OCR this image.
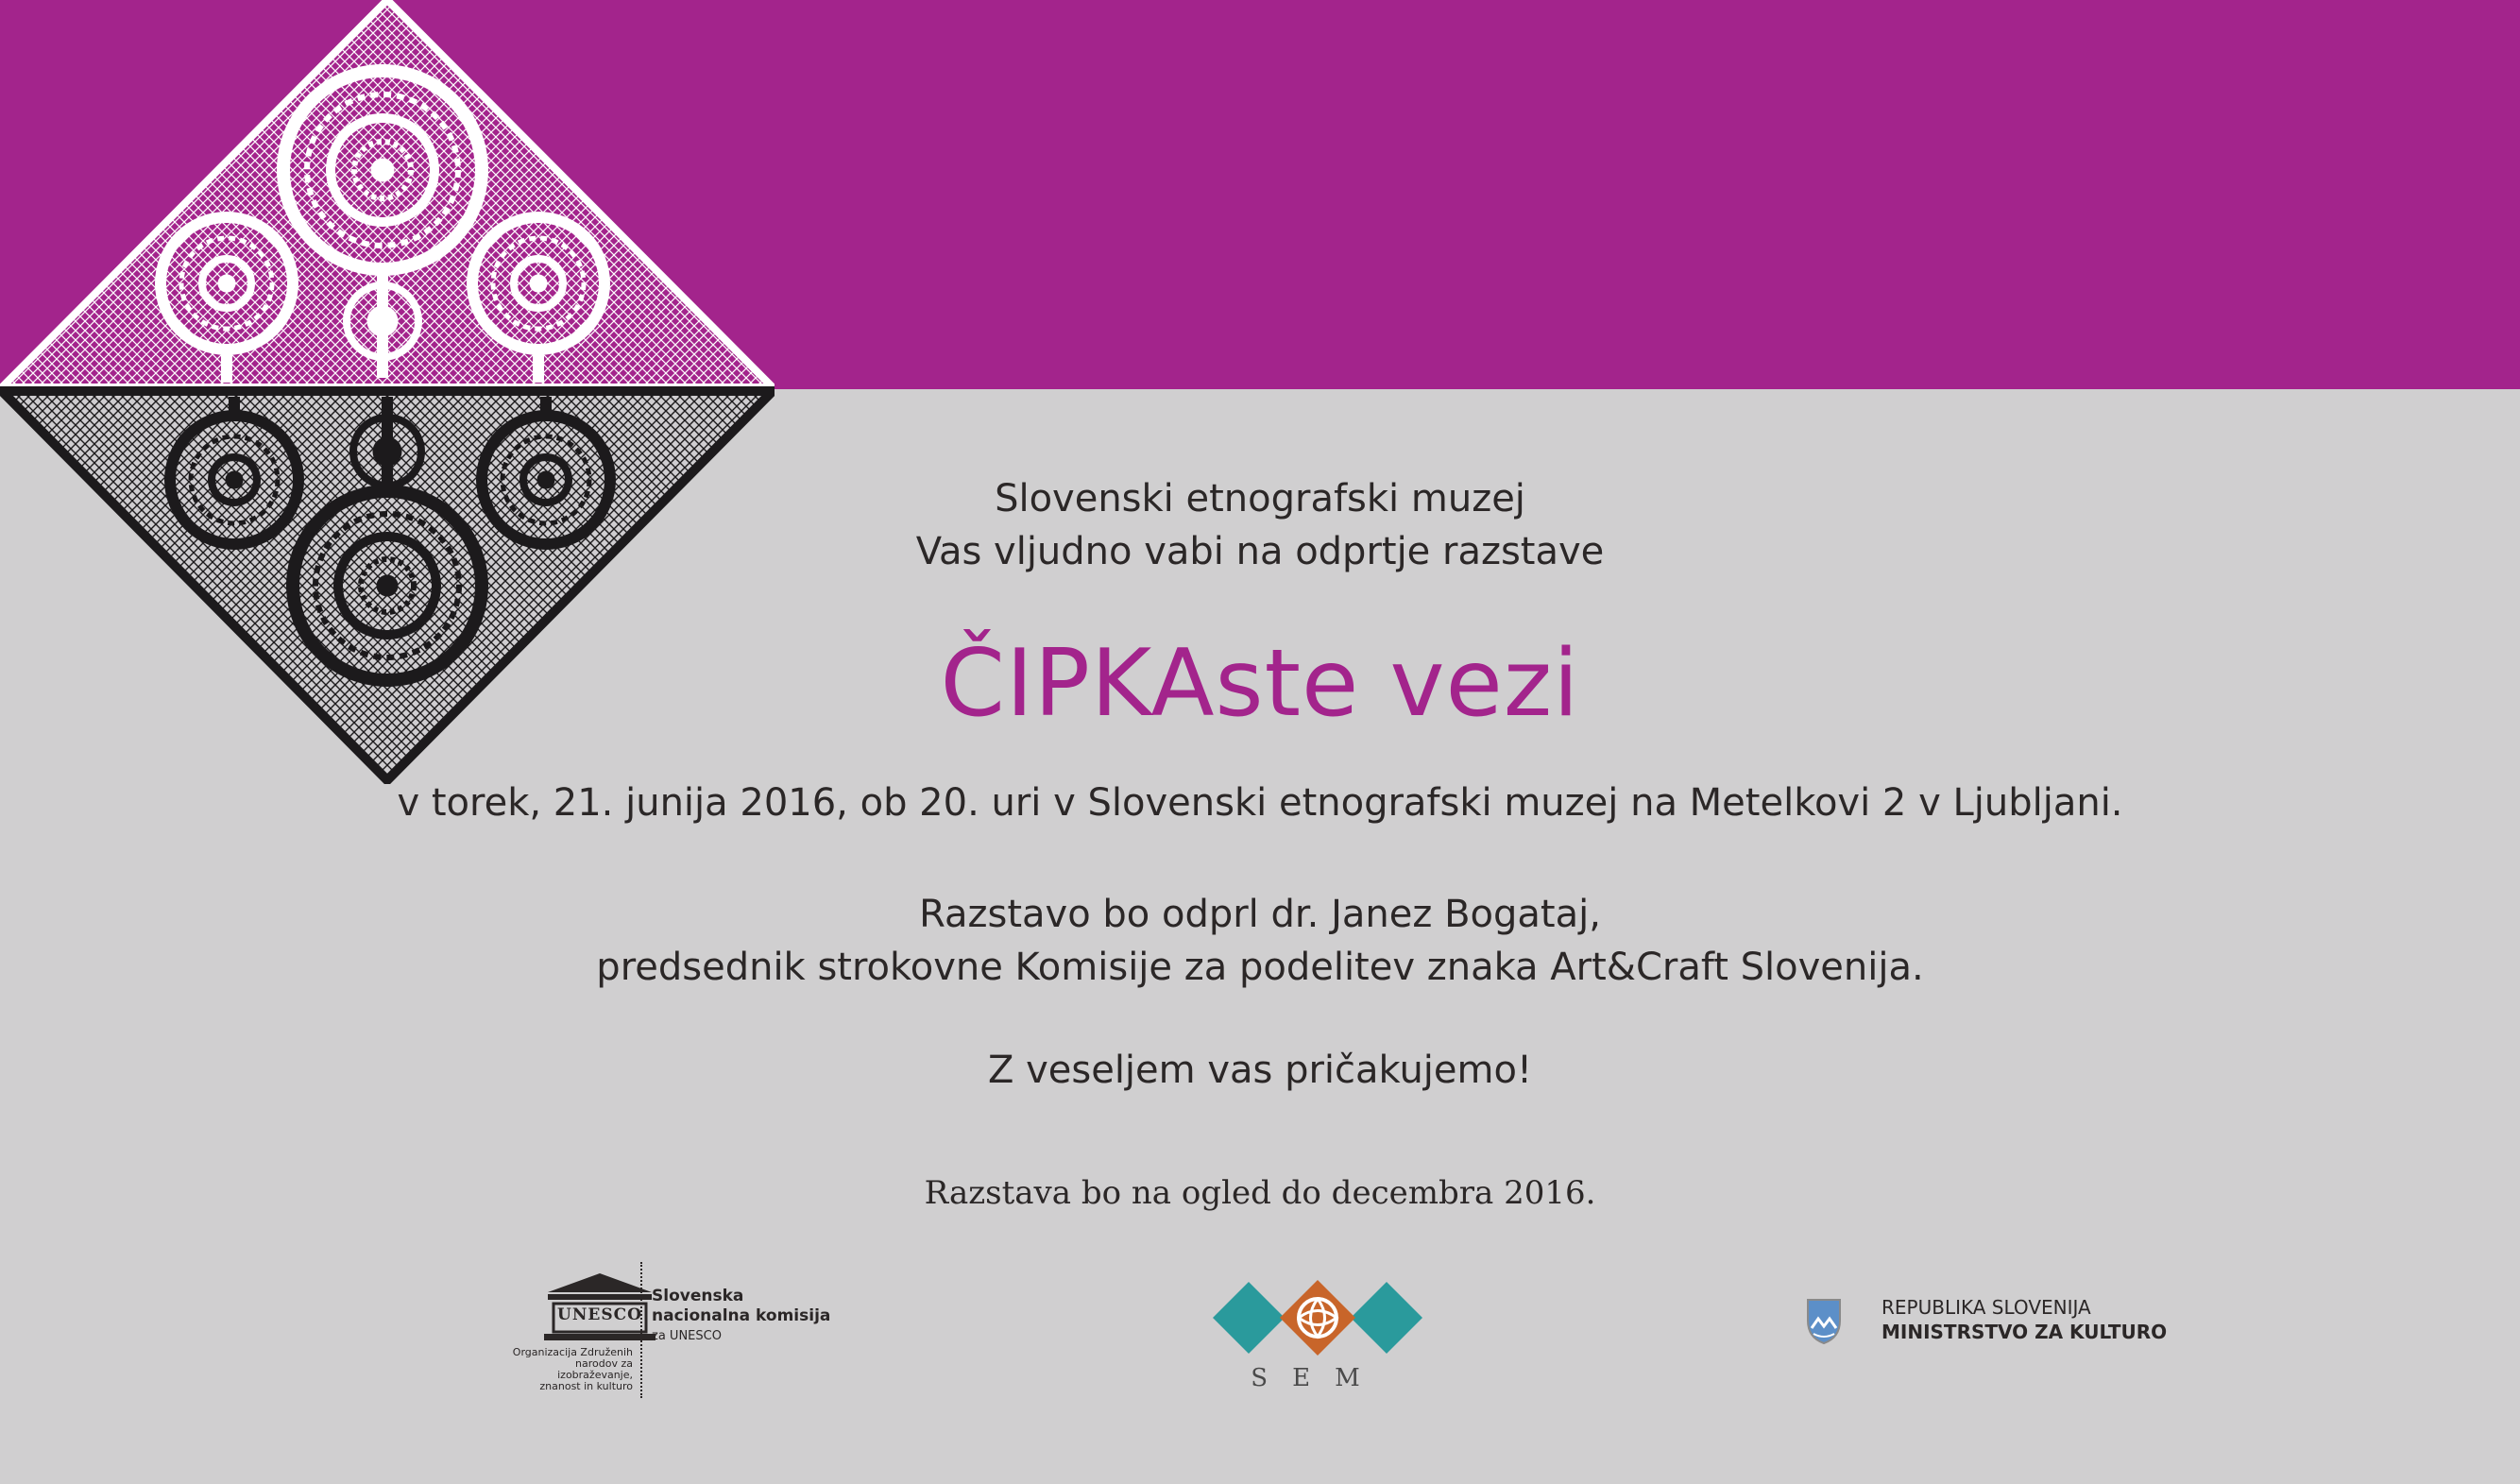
Slovenski etnografski muzej
Vas vljudno vabi na odprtje razstave
ČIPKAste vezi
v torek, 21. junija 2016, ob 20. uri v Slovenski etnografski muzej na Metelkovi 2 v Ljubljani.
Razstavo bo odprl dr. Janez Bogataj,
predsednik strokovne Komisije za podelitev znaka Art&Craft Slovenija.
Z veseljem vas pričakujemo!
Razstava bo na ogled do decembra 2016.
UNESCO
Organizacija Združenih
narodov za izobraževanje,
znanost in kulturo
Slovenska
nacionalna komisija
za UNESCO
SEM
REPUBLIKA SLOVENIJA
MINISTRSTVO ZA KULTURO
